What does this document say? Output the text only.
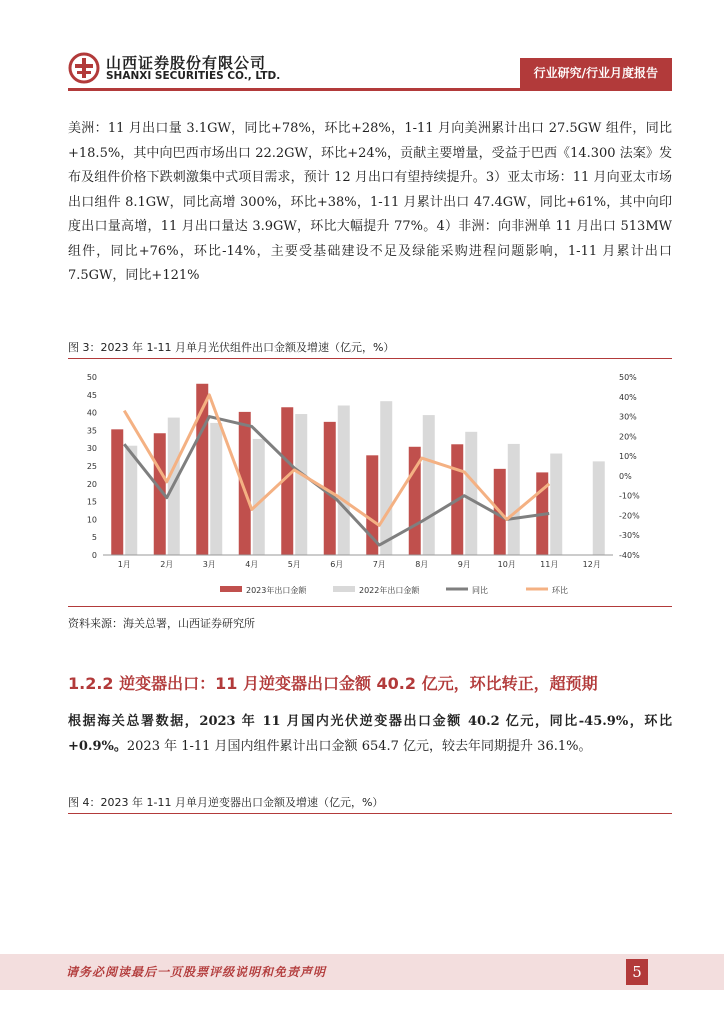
山西证券股份有限公司
SHANXI SECURITIES CO., LTD.	行业研究/行业月度报告
美洲：11 月出口量 3.1GW，同比+78%，环比+28%，1-11 月向美洲累计出口 27.5GW 组件，同比+18.5%，其中向巴西市场出口 22.2GW，环比+24%，贡献主要增量，受益于巴西《14.300 法案》发布及组件价格下跌刺激集中式项目需求，预计 12 月出口有望持续提升。3）亚太市场：11 月向亚太市场出口组件 8.1GW，同比高增 300%，环比+38%，1-11 月累计出口 47.4GW，同比+61%，其中向印度出口量高增，11 月出口量达 3.9GW，环比大幅提升 77%。4）非洲：向非洲单 11 月出口 513MW 组件，同比+76%，环比-14%，主要受基础建设不足及绿能采购进程问题影响，1-11 月累计出口 7.5GW，同比+121%
图 3：2023 年 1-11 月单月光伏组件出口金额及增速（亿元，%）
0
5
10
15
20
25
30
35
40
45
50
-40%
-30%
-20%
-10%
0%
10%
20%
30%
40%
50%
1月	2月	3月	4月	5月	6月	7月	8月	9月	10月	11月	12月
2023年出口金额	2022年出口金额	同比	环比
资料来源：海关总署，山西证券研究所
1.2.2 逆变器出口：11 月逆变器出口金额 40.2 亿元，环比转正，超预期
根据海关总署数据，2023 年 11 月国内光伏逆变器出口金额 40.2 亿元，同比-45.9%，环比+0.9%。2023 年 1-11 月国内组件累计出口金额 654.7 亿元，较去年同期提升 36.1%。
图 4：2023 年 1-11 月单月逆变器出口金额及增速（亿元，%）
请务必阅读最后一页股票评级说明和免责声明	5
